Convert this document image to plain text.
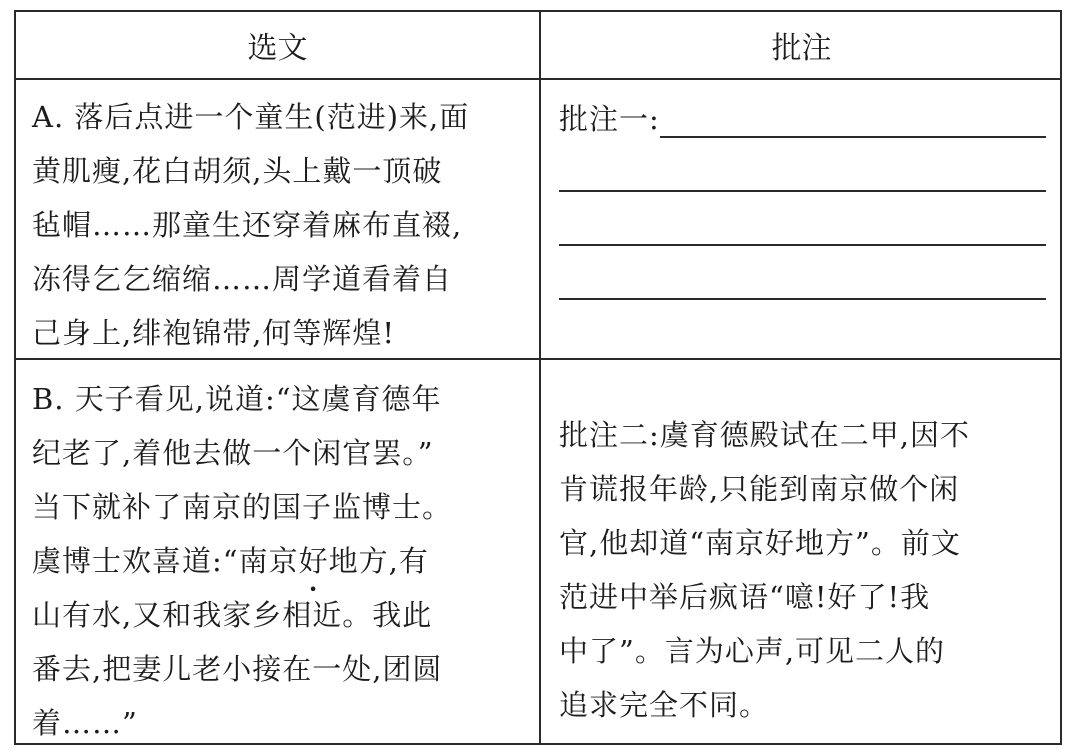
选文	批注
A. 落后点进一个童生(范进)来,面
黄肌瘦,花白胡须,头上戴一顶破
毡帽……那童生还穿着麻布直裰,
冻得乞乞缩缩……周学道看着自
己身上,绯袍锦带,何等辉煌!
批注一:
B. 天子看见,说道:“这虞育德年
纪老了,着他去做一个闲官罢。”
当下就补了南京的国子监博士。
虞博士欢喜道:“南京好地方 •,有
山有水,又和我家乡相近。我此
番去,把妻儿老小接在一处,团圆
着……”
批注二:虞育德殿试在二甲,因不
肯谎报年龄,只能到南京做个闲
官,他却道“南京好地方”。前文
范进中举后疯语“噫!好了!我
中了”。言为心声,可见二人的
追求完全不同。
